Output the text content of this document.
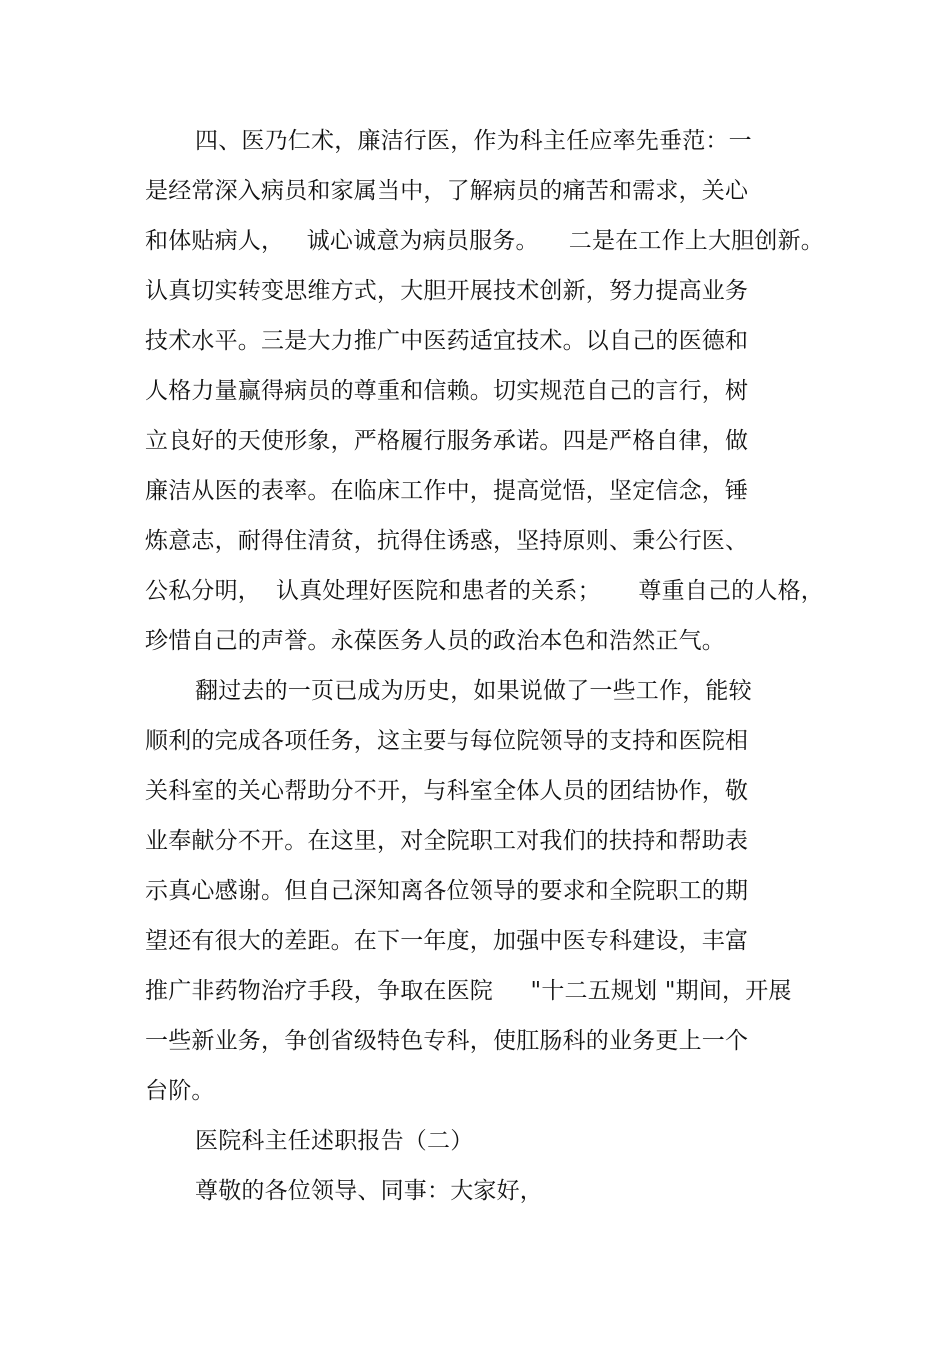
四、医乃仁术，廉洁行医，作为科主任应率先垂范：一
是经常深入病员和家属当中，了解病员的痛苦和需求，关心
和体贴病人，   诚心诚意为病员服务。    二是在工作上大胆创新。
认真切实转变思维方式，大胆开展技术创新，努力提高业务
技术水平。三是大力推广中医药适宜技术。以自己的医德和
人格力量赢得病员的尊重和信赖。切实规范自己的言行，树
立良好的天使形象，严格履行服务承诺。四是严格自律，做
廉洁从医的表率。在临床工作中，提高觉悟，坚定信念，锤
炼意志，耐得住清贫，抗得住诱惑，坚持原则、秉公行医、
公私分明，  认真处理好医院和患者的关系；     尊重自己的人格，
珍惜自己的声誉。永葆医务人员的政治本色和浩然正气。
翻过去的一页已成为历史，如果说做了一些工作，能较
顺利的完成各项任务，这主要与每位院领导的支持和医院相
关科室的关心帮助分不开，与科室全体人员的团结协作，敬
业奉献分不开。在这里，对全院职工对我们的扶持和帮助表
示真心感谢。但自己深知离各位领导的要求和全院职工的期
望还有很大的差距。在下一年度，加强中医专科建设，丰富
推广非药物治疗手段，争取在医院     "十二五规划 "期间，开展
一些新业务，争创省级特色专科，使肛肠科的业务更上一个
台阶。
医院科主任述职报告（二）
尊敬的各位领导、同事：大家好，
